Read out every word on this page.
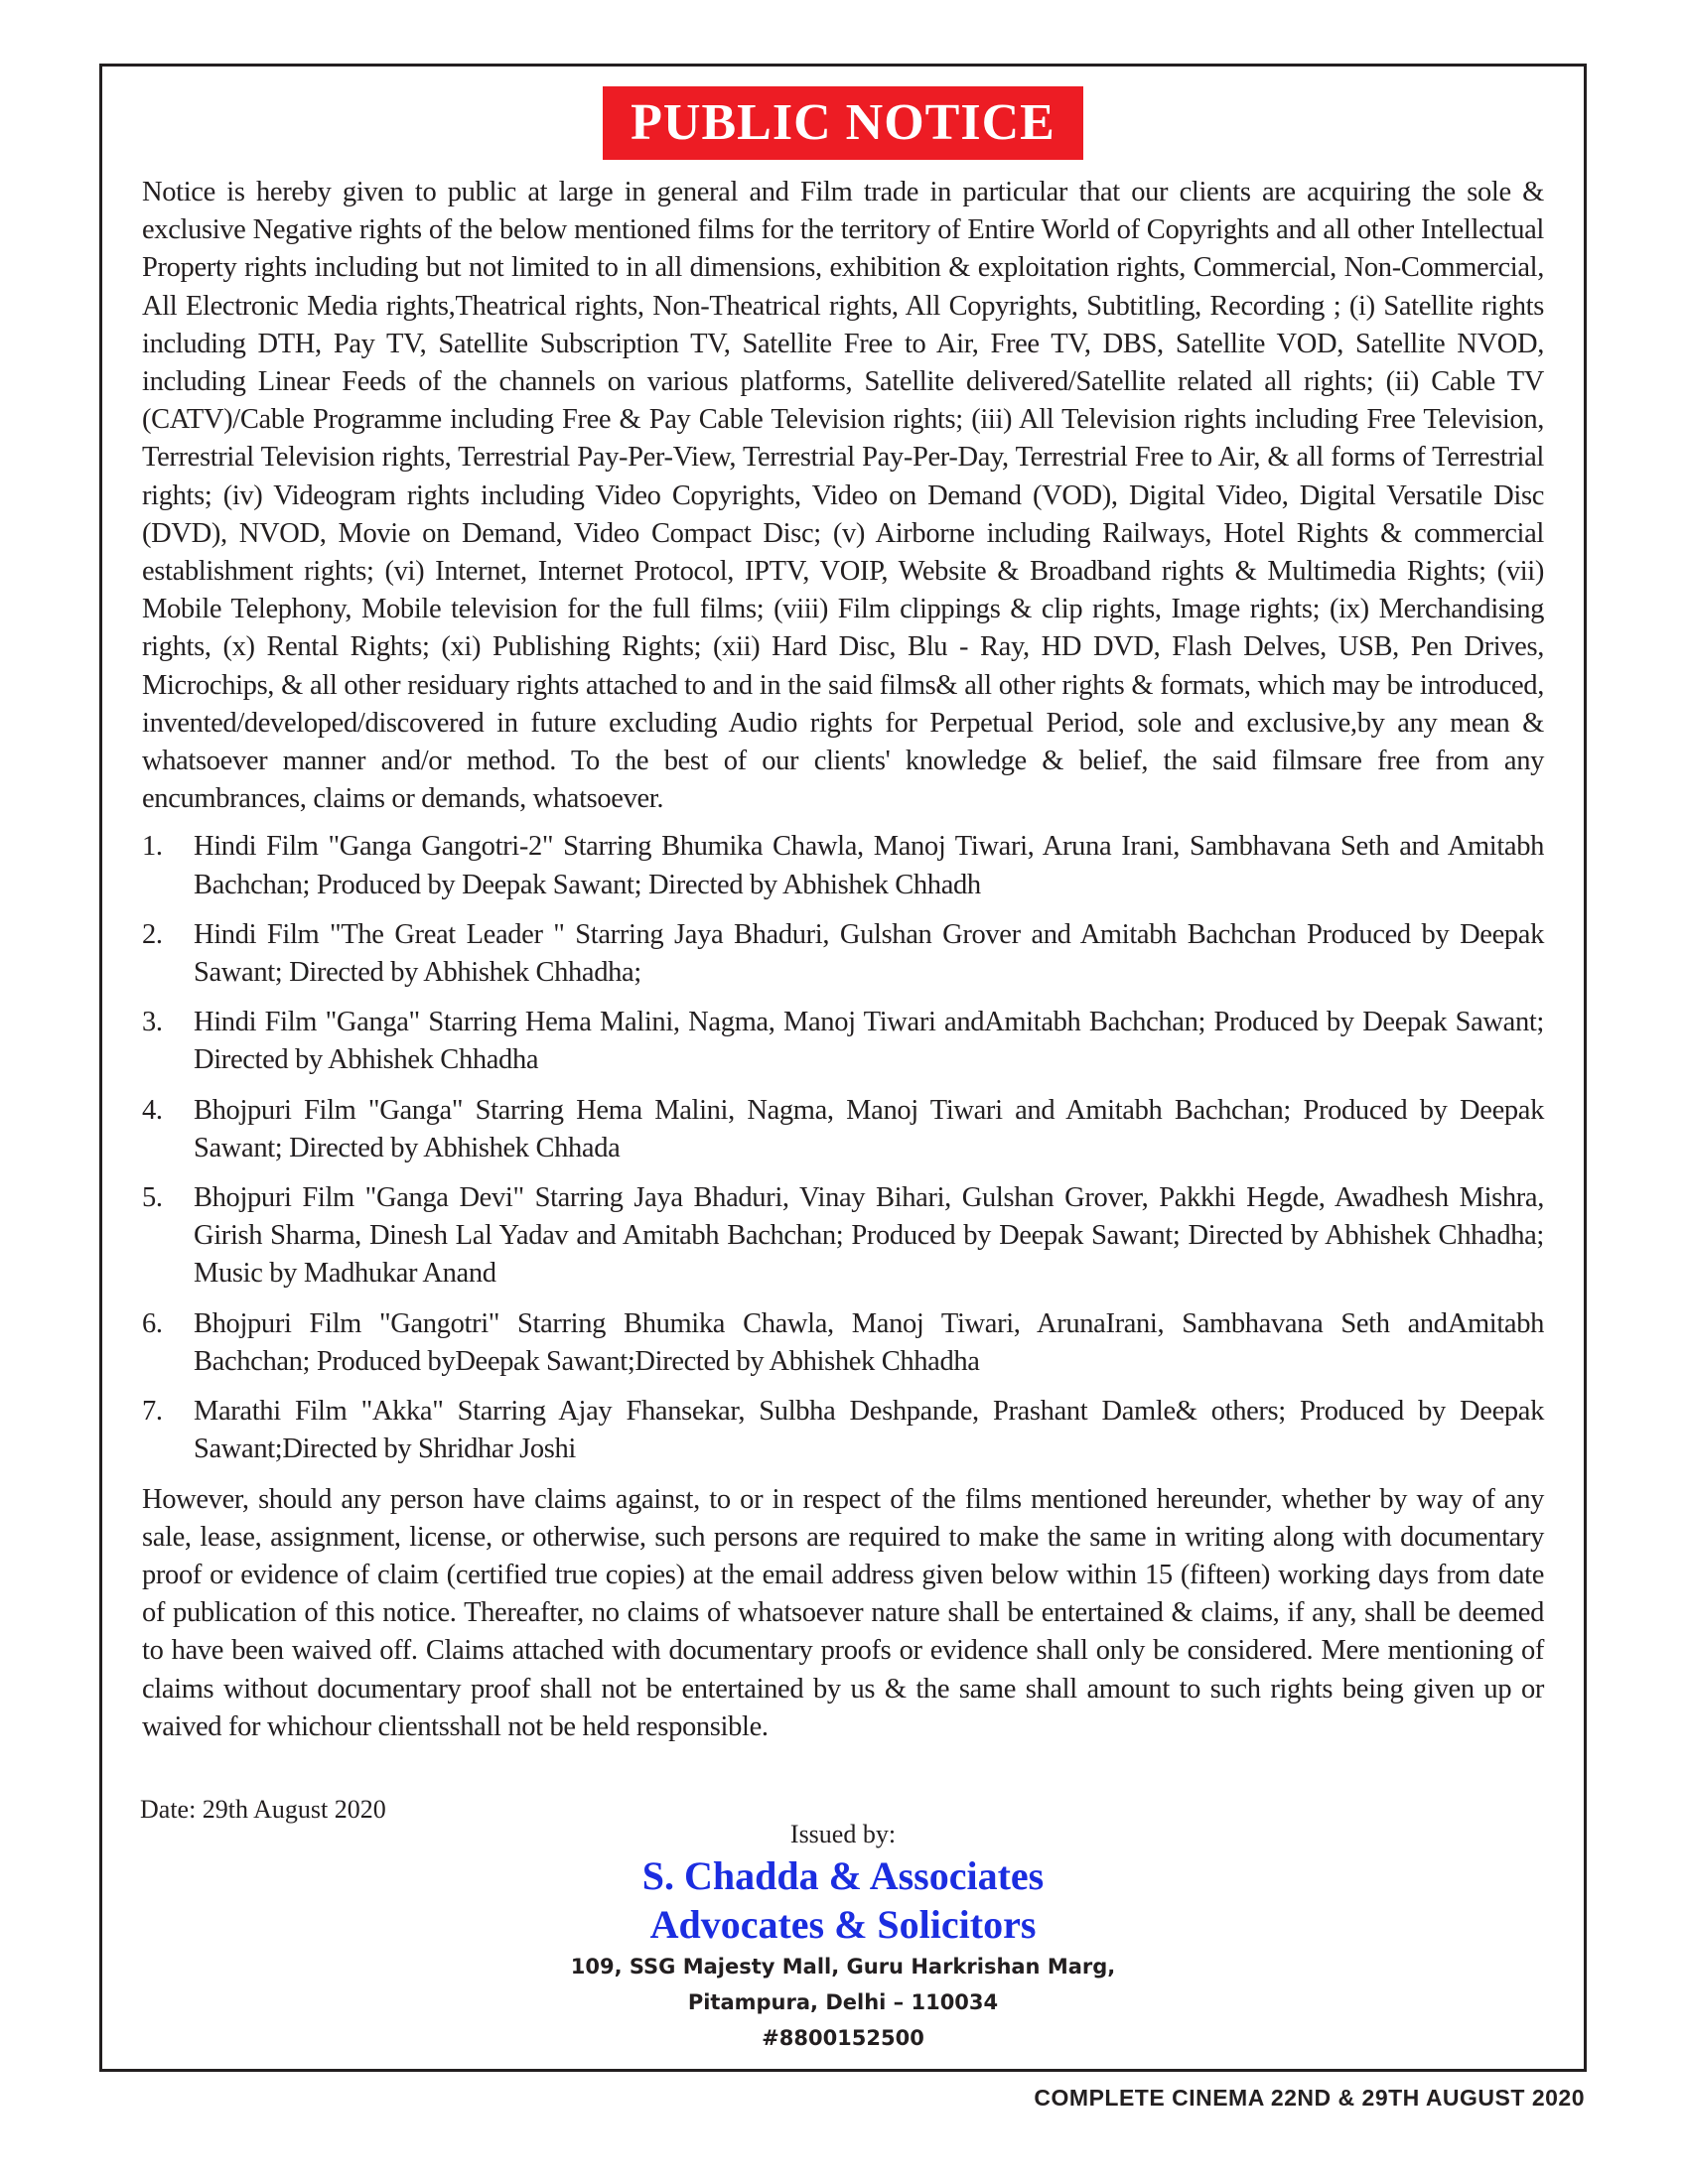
PUBLIC NOTICE

Notice is hereby given to public at large in general and Film trade in particular that our clients are acquiring the sole & exclusive Negative rights of the below mentioned films for the territory of Entire World of Copyrights and all other Intellectual Property rights including but not limited to in all dimensions, exhibition & exploitation rights, Commercial, Non-Commercial, All Electronic Media rights,Theatrical rights, Non-Theatrical rights, All Copyrights, Subtitling, Recording ; (i) Satellite rights including DTH, Pay TV, Satellite Subscription TV, Satellite Free to Air, Free TV, DBS, Satellite VOD, Satellite NVOD, including Linear Feeds of the channels on various platforms, Satellite delivered/Satellite related all rights; (ii) Cable TV (CATV)/Cable Programme including Free & Pay Cable Television rights; (iii) All Television rights including Free Television, Terrestrial Television rights, Terrestrial Pay-Per-View, Terrestrial Pay-Per-Day, Terrestrial Free to Air, & all forms of Terrestrial rights; (iv) Videogram rights including Video Copyrights, Video on Demand (VOD), Digital Video, Digital Versatile Disc (DVD), NVOD, Movie on Demand, Video Compact Disc; (v) Airborne including Railways, Hotel Rights & commercial establishment rights; (vi) Internet, Internet Protocol, IPTV, VOIP, Website & Broadband rights & Multimedia Rights; (vii) Mobile Telephony, Mobile television for the full films; (viii) Film clippings & clip rights, Image rights; (ix) Merchandising rights, (x) Rental Rights; (xi) Publishing Rights; (xii) Hard Disc, Blu - Ray, HD DVD, Flash Delves, USB, Pen Drives, Microchips, & all other residuary rights attached to and in the said films& all other rights & formats, which may be introduced, invented/developed/discovered in future excluding Audio rights for Perpetual Period, sole and exclusive,by any mean & whatsoever manner and/or method. To the best of our clients' knowledge & belief, the said filmsare free from any encumbrances, claims or demands, whatsoever.

1. Hindi Film "Ganga Gangotri-2" Starring Bhumika Chawla, Manoj Tiwari, Aruna Irani, Sambhavana Seth and Amitabh Bachchan; Produced by Deepak Sawant; Directed by Abhishek Chhadh
2. Hindi Film "The Great Leader " Starring Jaya Bhaduri, Gulshan Grover and Amitabh Bachchan Produced by Deepak Sawant; Directed by Abhishek Chhadha;
3. Hindi Film "Ganga" Starring Hema Malini, Nagma, Manoj Tiwari andAmitabh Bachchan; Produced by Deepak Sawant; Directed by Abhishek Chhadha
4. Bhojpuri Film "Ganga" Starring Hema Malini, Nagma, Manoj Tiwari and Amitabh Bachchan; Produced by Deepak Sawant; Directed by Abhishek Chhada
5. Bhojpuri Film "Ganga Devi" Starring Jaya Bhaduri, Vinay Bihari, Gulshan Grover, Pakkhi Hegde, Awadhesh Mishra, Girish Sharma, Dinesh Lal Yadav and Amitabh Bachchan; Produced by Deepak Sawant; Directed by Abhishek Chhadha; Music by Madhukar Anand
6. Bhojpuri Film "Gangotri" Starring Bhumika Chawla, Manoj Tiwari, ArunaIrani, Sambhavana Seth andAmitabh Bachchan; Produced byDeepak Sawant;Directed by Abhishek Chhadha
7. Marathi Film "Akka" Starring Ajay Fhansekar, Sulbha Deshpande, Prashant Damle& others; Produced by Deepak Sawant;Directed by Shridhar Joshi

However, should any person have claims against, to or in respect of the films mentioned hereunder, whether by way of any sale, lease, assignment, license, or otherwise, such persons are required to make the same in writing along with documentary proof or evidence of claim (certified true copies) at the email address given below within 15 (fifteen) working days from date of publication of this notice. Thereafter, no claims of whatsoever nature shall be entertained & claims, if any, shall be deemed to have been waived off. Claims attached with documentary proofs or evidence shall only be considered. Mere mentioning of claims without documentary proof shall not be entertained by us & the same shall amount to such rights being given up or waived for whichour clientsshall not be held responsible.

Date: 29th August 2020
Issued by:
S. Chadda & Associates
Advocates & Solicitors
109, SSG Majesty Mall, Guru Harkrishan Marg,
Pitampura, Delhi – 110034
#8800152500
COMPLETE CINEMA 22ND & 29TH AUGUST 2020
